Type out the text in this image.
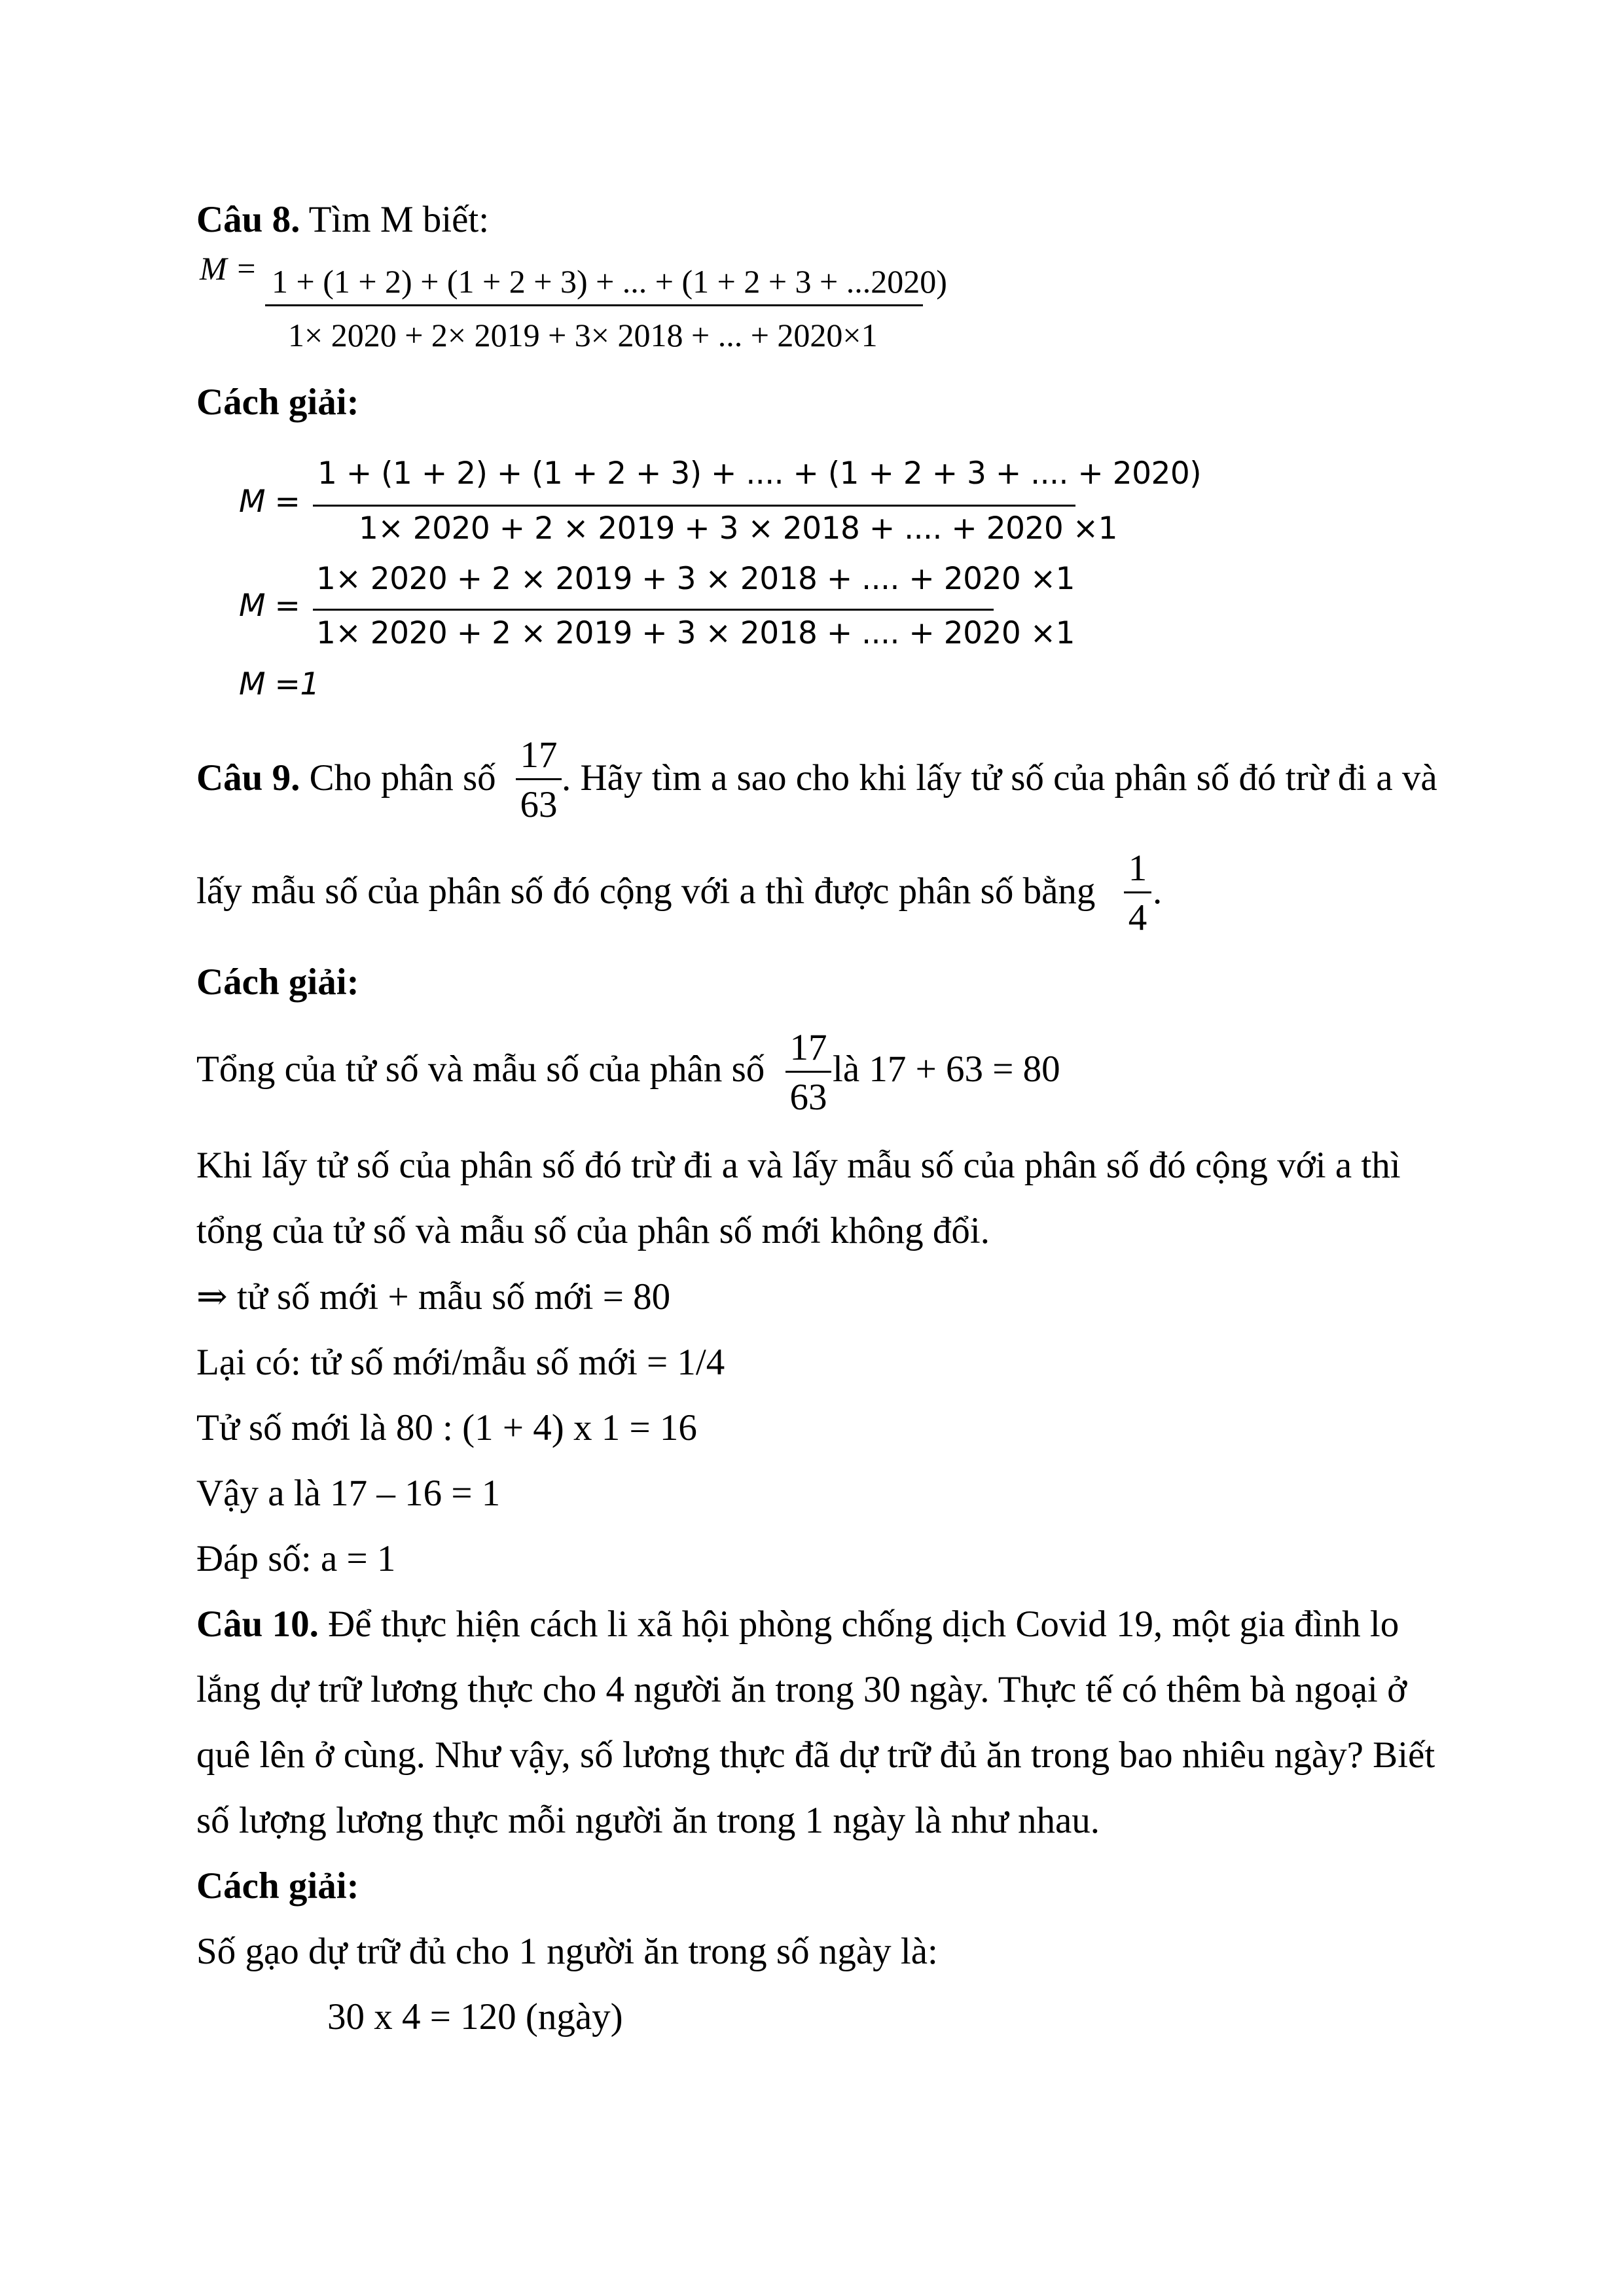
Câu 8. Tìm M biết:
M = 1 + (1 + 2) + (1 + 2 + 3) + ... + (1 + 2 + 3 + ...2020)
1× 2020 + 2× 2019 + 3× 2018 + ... + 2020×1
Cách giải:
M =
1 + (1 + 2) + (1 + 2 + 3) + .... + (1 + 2 + 3 + .... + 2020)
1× 2020 + 2 × 2019 + 3 × 2018 + .... + 2020 ×1
M =
1× 2020 + 2 × 2019 + 3 × 2018 + .... + 2020 ×1
1× 2020 + 2 × 2019 + 3 × 2018 + .... + 2020 ×1
M =1
Câu 9. Cho phân số
17
63
. Hãy tìm a sao cho khi lấy tử số của phân số đó trừ đi a và
lấy mẫu số của phân số đó cộng với a thì được phân số bằng
1
4
.
Cách giải:
Tổng của tử số và mẫu số của phân số
17
63
là 17 + 63 = 80
Khi lấy tử số của phân số đó trừ đi a và lấy mẫu số của phân số đó cộng với a thì
tổng của tử số và mẫu số của phân số mới không đổi.
⇒ tử số mới + mẫu số mới = 80
Lại có: tử số mới/mẫu số mới = 1/4
Tử số mới là 80 : (1 + 4) x 1 = 16
Vậy a là 17 – 16 = 1
Đáp số: a = 1
Câu 10. Để thực hiện cách li xã hội phòng chống dịch Covid 19, một gia đình lo
lắng dự trữ lương thực cho 4 người ăn trong 30 ngày. Thực tế có thêm bà ngoại ở
quê lên ở cùng. Như vậy, số lương thực đã dự trữ đủ ăn trong bao nhiêu ngày? Biết
số lượng lương thực mỗi người ăn trong 1 ngày là như nhau.
Cách giải:
Số gạo dự trữ đủ cho 1 người ăn trong số ngày là:
30 x 4 = 120 (ngày)
